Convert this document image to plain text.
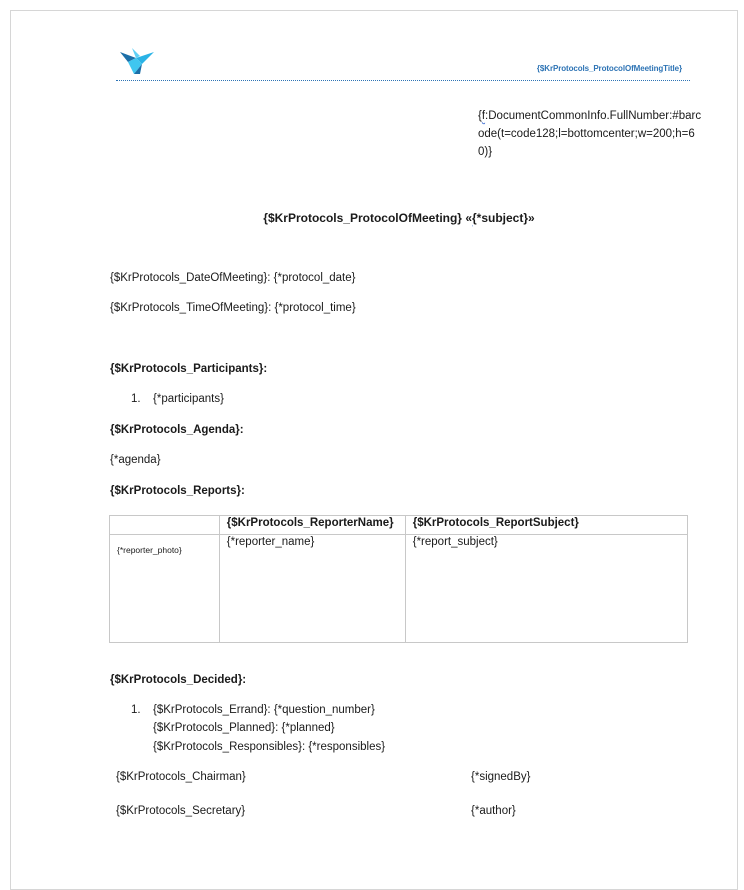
{$KrProtocols_ProtocolOfMeetingTitle}
{f:DocumentCommonInfo.FullNumber:#barcode(t=code128;l=bottomcenter;w=200;h=60)}
{$KrProtocols_ProtocolOfMeeting} «{*subject}»
{$KrProtocols_DateOfMeeting}: {*protocol_date}
{$KrProtocols_TimeOfMeeting}: {*protocol_time}
{$KrProtocols_Participants}:
1. {*participants}
{$KrProtocols_Agenda}:
{*agenda}
{$KrProtocols_Reports}:
	{$KrProtocols_ReporterName}	{$KrProtocols_ReportSubject}
{*reporter_photo}	{*reporter_name}	{*report_subject}
{$KrProtocols_Decided}:
1. {$KrProtocols_Errand}: {*question_number}
{$KrProtocols_Planned}: {*planned}
{$KrProtocols_Responsibles}: {*responsibles}
{$KrProtocols_Chairman}	{*signedBy}
{$KrProtocols_Secretary}	{*author}
